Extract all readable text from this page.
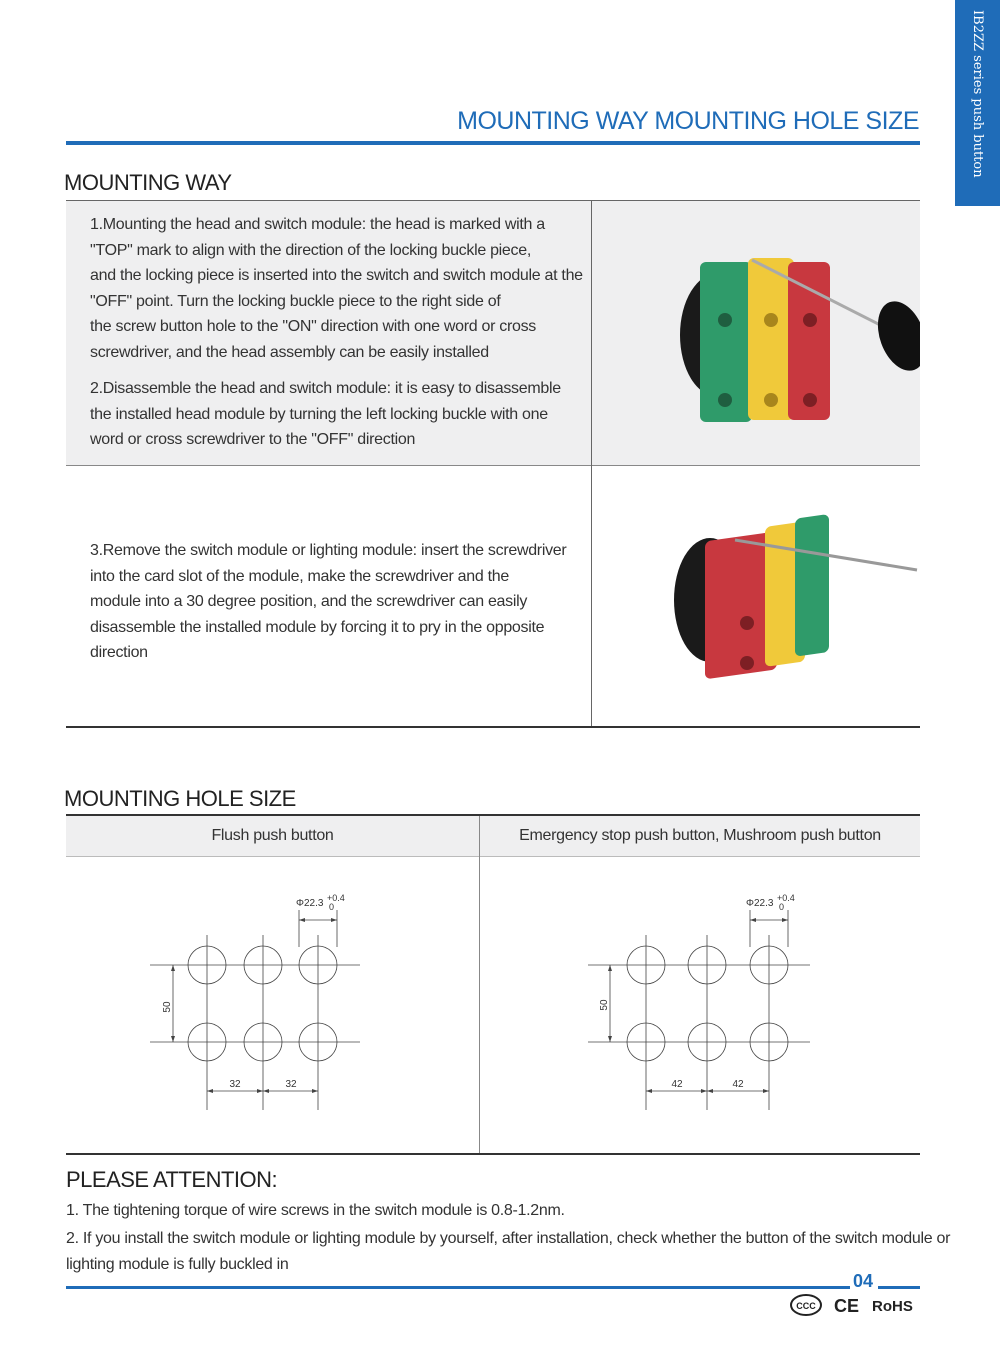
IB2ZZ series push button
MOUNTING WAY MOUNTING HOLE SIZE
MOUNTING WAY

1.Mounting the head and switch module: the head is marked with a

"TOP" mark to align with the direction of the locking buckle piece,

and the locking piece is inserted into the switch and switch module at the

"OFF" point. Turn the locking buckle piece to the right side of

the screw button hole to the "ON" direction with one word or cross

screwdriver, and the head assembly can be easily installed

2.Disassemble the head and switch module: it is easy to disassemble

the installed head module by turning the left locking buckle with one

word or cross screwdriver to the "OFF" direction

3.Remove the switch module or lighting module: insert the screwdriver

into the card slot of the module, make the screwdriver and the

module into a 30 degree position, and the screwdriver can easily

disassemble the installed module by forcing it to pry in the opposite

direction

MOUNTING HOLE SIZE
Flush push button	Emergency stop push button, Mushroom push button
Φ22.3 +0.4
0
50
32	32
Φ22.3 +0.4
0
50
42	42
PLEASE ATTENTION:
1. The tightening torque of wire screws in the switch module is 0.8-1.2nm.
2. If you install the switch module or lighting module by yourself, after installation, check whether the button of the switch module or lighting module is fully buckled in
04
CCC CE RoHS
